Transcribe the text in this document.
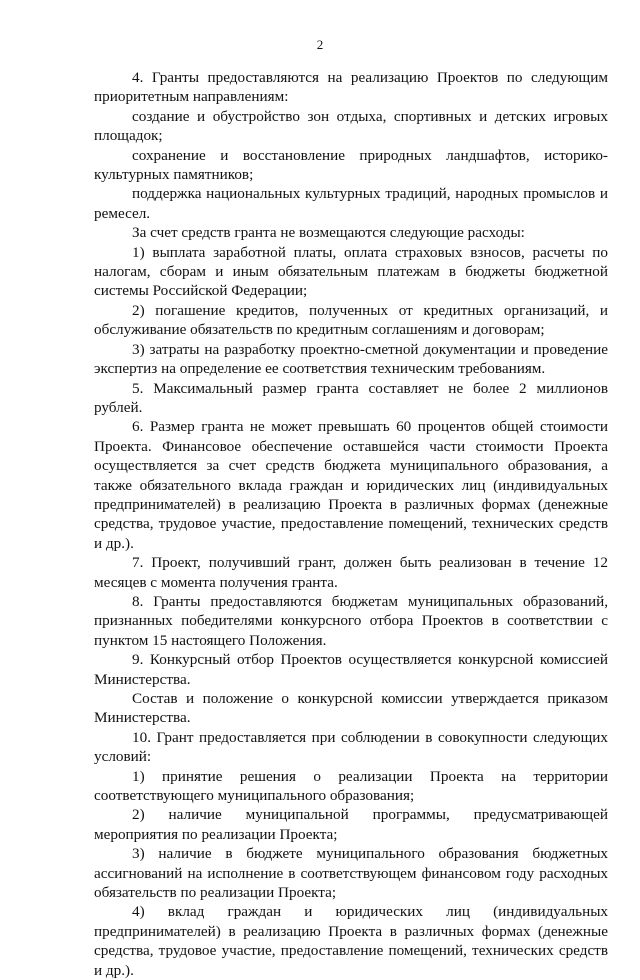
2

4. Гранты предоставляются на реализацию Проектов по следующим приоритетным направлениям:

создание и обустройство зон отдыха, спортивных и детских игровых площадок;

сохранение и восстановление природных ландшафтов, историко-культурных памятников;

поддержка национальных культурных традиций, народных промыслов и ремесел.

За счет средств гранта не возмещаются следующие расходы:

1) выплата заработной платы, оплата страховых взносов, расчеты по налогам, сборам и иным обязательным платежам в бюджеты бюджетной системы Российской Федерации;

2) погашение кредитов, полученных от кредитных организаций, и обслуживание обязательств по кредитным соглашениям и договорам;

3) затраты на разработку проектно-сметной документации и проведение экспертиз на определение ее соответствия техническим требованиям.

5. Максимальный размер гранта составляет не более 2 миллионов рублей.

6. Размер гранта не может превышать 60 процентов общей стоимости Проекта. Финансовое обеспечение оставшейся части стоимости Проекта осуществляется за счет средств бюджета муниципального образования, а также обязательного вклада граждан и юридических лиц (индивидуальных предпринимателей) в реализацию Проекта в различных формах (денежные средства, трудовое участие, предоставление помещений, технических средств и др.).

7. Проект, получивший грант, должен быть реализован в течение 12 месяцев с момента получения гранта.

8. Гранты предоставляются бюджетам муниципальных образований, признанных победителями конкурсного отбора Проектов в соответствии с пунктом 15 настоящего Положения.

9. Конкурсный отбор Проектов осуществляется конкурсной комиссией Министерства.

Состав и положение о конкурсной комиссии утверждается приказом Министерства.

10. Грант предоставляется при соблюдении в совокупности следующих условий:

1) принятие решения о реализации Проекта на территории соответствующего муниципального образования;

2) наличие муниципальной программы, предусматривающей мероприятия по реализации Проекта;

3) наличие в бюджете муниципального образования бюджетных ассигнований на исполнение в соответствующем финансовом году расходных обязательств по реализации Проекта;

4) вклад граждан и юридических лиц (индивидуальных предпринимателей) в реализацию Проекта в различных формах (денежные средства, трудовое участие, предоставление помещений, технических средств и др.).
